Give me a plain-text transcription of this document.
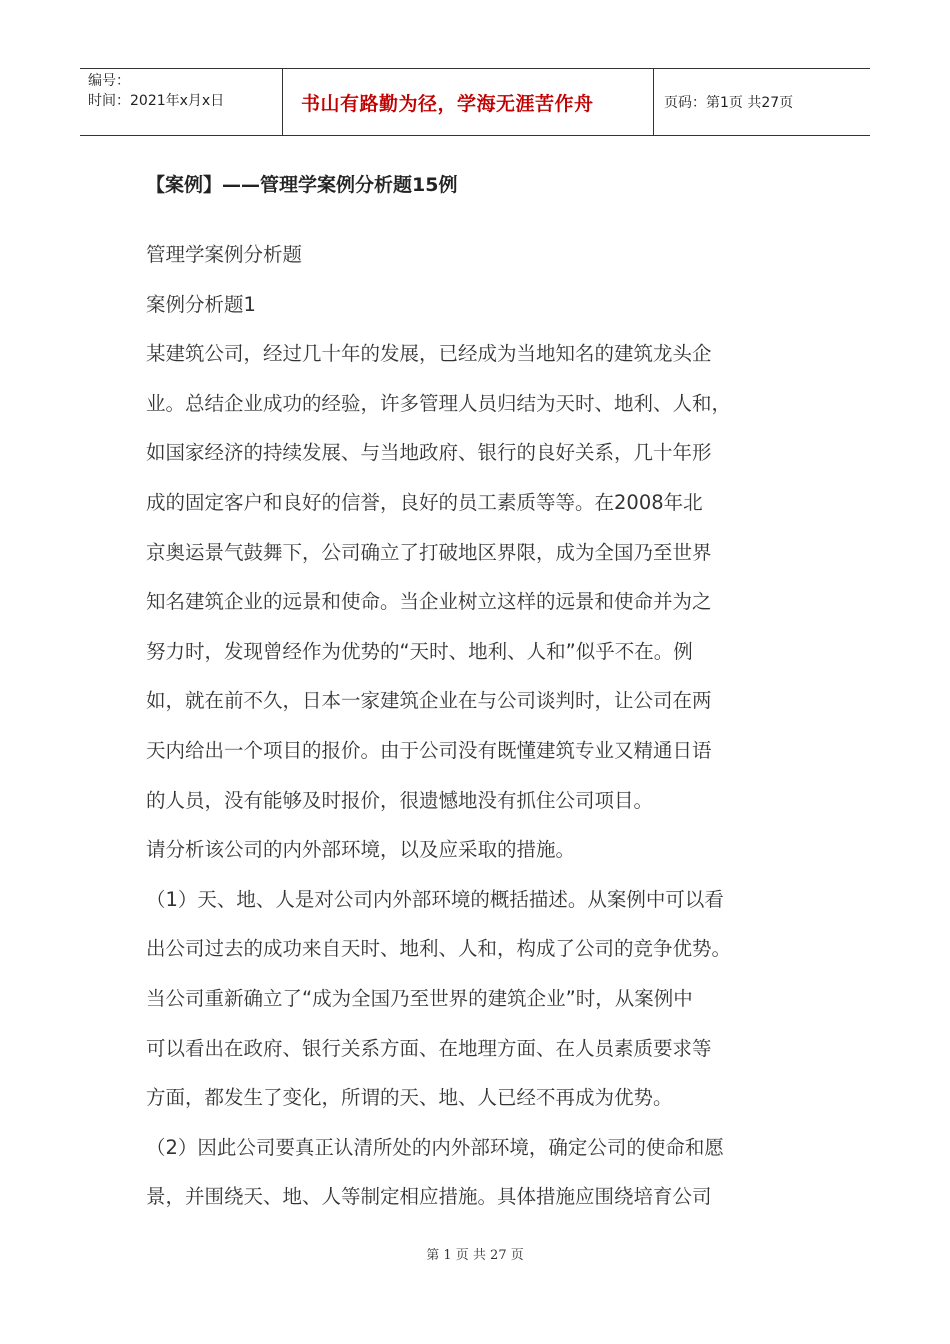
编号：
时间：2021年x月x日	书山有路勤为径，学海无涯苦作舟	页码：第1页 共27页
【案例】——管理学案例分析题15例
管理学案例分析题
案例分析题1
某建筑公司，经过几十年的发展，已经成为当地知名的建筑龙头企
业。总结企业成功的经验，许多管理人员归结为天时、地利、人和，
如国家经济的持续发展、与当地政府、银行的良好关系，几十年形
成的固定客户和良好的信誉，良好的员工素质等等。在2008年北
京奥运景气鼓舞下，公司确立了打破地区界限，成为全国乃至世界
知名建筑企业的远景和使命。当企业树立这样的远景和使命并为之
努力时，发现曾经作为优势的“天时、地利、人和”似乎不在。例
如，就在前不久，日本一家建筑企业在与公司谈判时，让公司在两
天内给出一个项目的报价。由于公司没有既懂建筑专业又精通日语
的人员，没有能够及时报价，很遗憾地没有抓住公司项目。
请分析该公司的内外部环境，以及应采取的措施。
（1）天、地、人是对公司内外部环境的概括描述。从案例中可以看
出公司过去的成功来自天时、地利、人和，构成了公司的竞争优势。
当公司重新确立了“成为全国乃至世界的建筑企业”时，从案例中
可以看出在政府、银行关系方面、在地理方面、在人员素质要求等
方面，都发生了变化，所谓的天、地、人已经不再成为优势。
（2）因此公司要真正认清所处的内外部环境，确定公司的使命和愿
景，并围绕天、地、人等制定相应措施。具体措施应围绕培育公司
第 1 页 共 27 页
